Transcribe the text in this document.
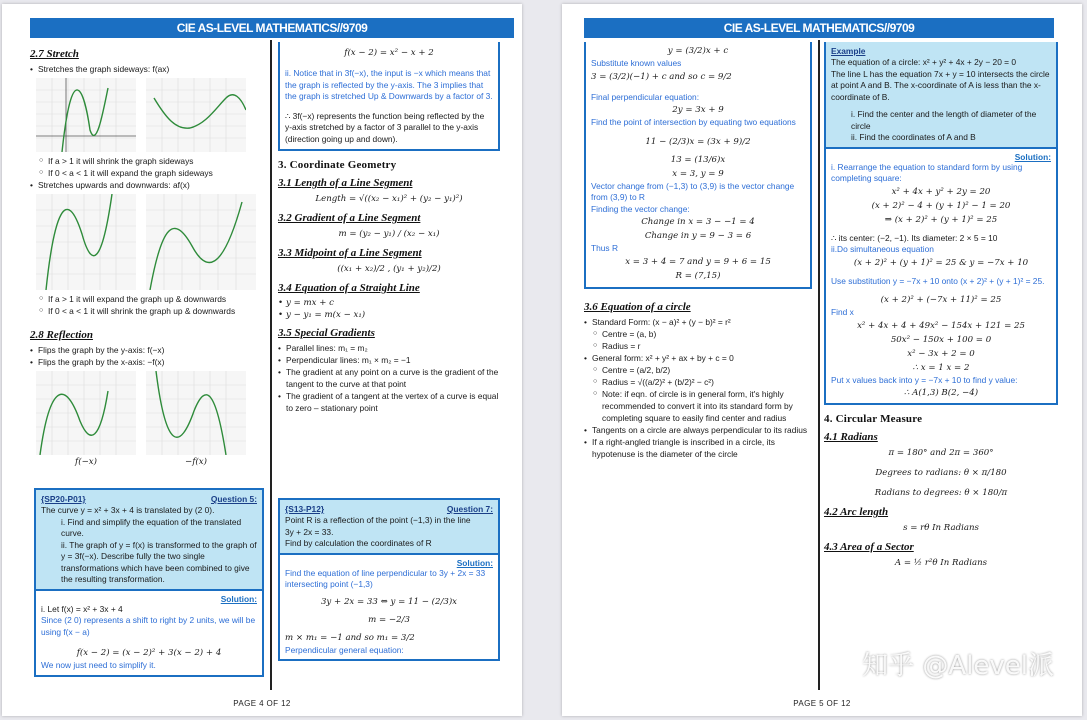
CIE AS-LEVEL MATHEMATICS//9709
2.7 Stretch
• Stretches the graph sideways: f(ax)
○ If a > 1 it will shrink the graph sideways
○ If 0 < a < 1 it will expand the graph sideways
• Stretches upwards and downwards: af(x)
○ If a > 1 it will expand the graph up & downwards
○ If 0 < a < 1 it will shrink the graph up & downwards
2.8 Reflection
• Flips the graph by the y-axis: f(−x)
• Flips the graph by the x-axis: −f(x)
f(−x)	−f(x)
{SP20-P01}	Question 5:

The curve y = x² + 3x + 4 is translated by (2 0).

i. Find and simplify the equation of the translated curve.
ii. The graph of y = f(x) is transformed to the graph of y = 3f(−x). Describe fully the two single transformations which have been combined to give the resulting transformation.
Solution:

i. Let f(x) = x² + 3x + 4

Since (2 0) represents a shift to right by 2 units, we will be using f(x − a)

f(x − 2) = (x − 2)² + 3(x − 2) + 4

We now just need to simplify it.

f(x − 2) = x² − x + 2

ii. Notice that in 3f(−x), the input is −x which means that the graph is reflected by the y-axis. The 3 implies that the graph is stretched Up & Downwards by a factor of 3.

∴ 3f(−x) represents the function being reflected by the y-axis stretched by a factor of 3 parallel to the y-axis (direction going up and down).

3. Coordinate Geometry
3.1 Length of a Line Segment

Length = √((x₂ − x₁)² + (y₂ − y₁)²)

3.2 Gradient of a Line Segment

m = (y₂ − y₁) / (x₂ − x₁)

3.3 Midpoint of a Line Segment

((x₁ + x₂)/2 , (y₁ + y₂)/2)

3.4 Equation of a Straight Line
• y = mx + c
• y − y₁ = m(x − x₁)
3.5 Special Gradients
• Parallel lines: m₁ = m₂
• Perpendicular lines: m₁ × m₂ = −1
• The gradient at any point on a curve is the gradient of the tangent to the curve at that point
• The gradient of a tangent at the vertex of a curve is equal to zero – stationary point
{S13-P12}	Question 7:

Point R is a reflection of the point (−1,3) in the line

3y + 2x = 33.

Find by calculation the coordinates of R

Solution:

Find the equation of line perpendicular to 3y + 2x = 33 intersecting point (−1,3)

3y + 2x = 33 ⇔ y = 11 − (2/3)x

m = −2/3

m × m₁ = −1 and so m₁ = 3/2

Perpendicular general equation:

PAGE 4 OF 12
CIE AS-LEVEL MATHEMATICS//9709

y = (3/2)x + c

Substitute known values

3 = (3/2)(−1) + c and so c = 9/2

Final perpendicular equation:

2y = 3x + 9

Find the point of intersection by equating two equations

11 − (2/3)x = (3x + 9)/2

13 = (13/6)x

x = 3, y = 9

Vector change from (−1,3) to (3,9) is the vector change from (3,9) to R

Finding the vector change:

Change in x = 3 − −1 = 4

Change in y = 9 − 3 = 6

Thus R

x = 3 + 4 = 7 and y = 9 + 6 = 15

R = (7,15)

3.6 Equation of a circle
• Standard Form: (x − a)² + (y − b)² = r²
○ Centre = (a, b)
○ Radius = r
• General form: x² + y² + ax + by + c = 0
○ Centre = (a/2, b/2)
○ Radius = √((a/2)² + (b/2)² − c²)
○ Note: if eqn. of circle is in general form, it's highly recommended to convert it into its standard form by completing square to easily find center and radius
• Tangents on a circle are always perpendicular to its radius
• If a right-angled triangle is inscribed in a circle, its hypotenuse is the diameter of the circle
Example

The equation of a circle: x² + y² + 4x + 2y − 20 = 0

The line L has the equation 7x + y = 10 intersects the circle at point A and B. The x-coordinate of A is less than the x-coordinate of B.

i. Find the center and the length of diameter of the circle
ii. Find the coordinates of A and B
Solution:

i. Rearrange the equation to standard form by using completing square:

x² + 4x + y² + 2y = 20

(x + 2)² − 4 + (y + 1)² − 1 = 20

⇒ (x + 2)² + (y + 1)² = 25

∴ its center: (−2, −1). Its diameter: 2 × 5 = 10

ii.Do simultaneous equation

(x + 2)² + (y + 1)² = 25 & y = −7x + 10

Use substitution y = −7x + 10 onto (x + 2)² + (y + 1)² = 25.

(x + 2)² + (−7x + 11)² = 25

Find x

x² + 4x + 4 + 49x² − 154x + 121 = 25

50x² − 150x + 100 = 0

x² − 3x + 2 = 0

∴ x = 1 x = 2

Put x values back into y = −7x + 10 to find y value:

∴ A(1,3) B(2, −4)

4. Circular Measure
4.1 Radians

π = 180° and 2π = 360°

Degrees to radians: θ × π/180

Radians to degrees: θ × 180/π

4.2 Arc length

s = rθ In Radians

4.3 Area of a Sector

A = ½ r²θ In Radians

知乎 @Alevel派
PAGE 5 OF 12
